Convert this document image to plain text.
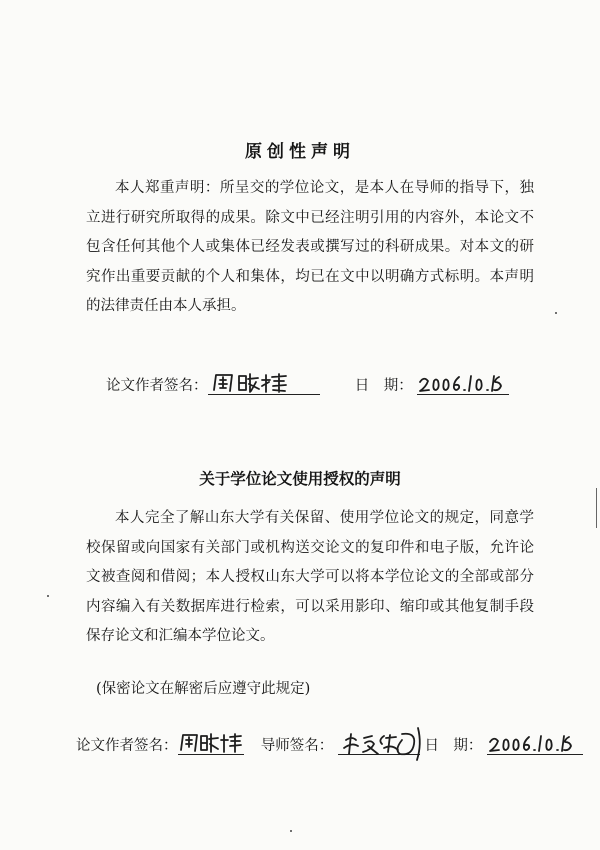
原创性声明

本人郑重声明：所呈交的学位论文，是本人在导师的指导下，独立进行研究所取得的成果。除文中已经注明引用的内容外，本论文不包含任何其他个人或集体已经发表或撰写过的科研成果。对本文的研究作出重要贡献的个人和集体，均已在文中以明确方式标明。本声明的法律责任由本人承担。

论文作者签名：	日　期：
关于学位论文使用授权的声明

本人完全了解山东大学有关保留、使用学位论文的规定，同意学校保留或向国家有关部门或机构送交论文的复印件和电子版，允许论文被查阅和借阅；本人授权山东大学可以将本学位论文的全部或部分内容编入有关数据库进行检索，可以采用影印、缩印或其他复制手段保存论文和汇编本学位论文。

(保密论文在解密后应遵守此规定)
论文作者签名：	导师签名：	日　期：
